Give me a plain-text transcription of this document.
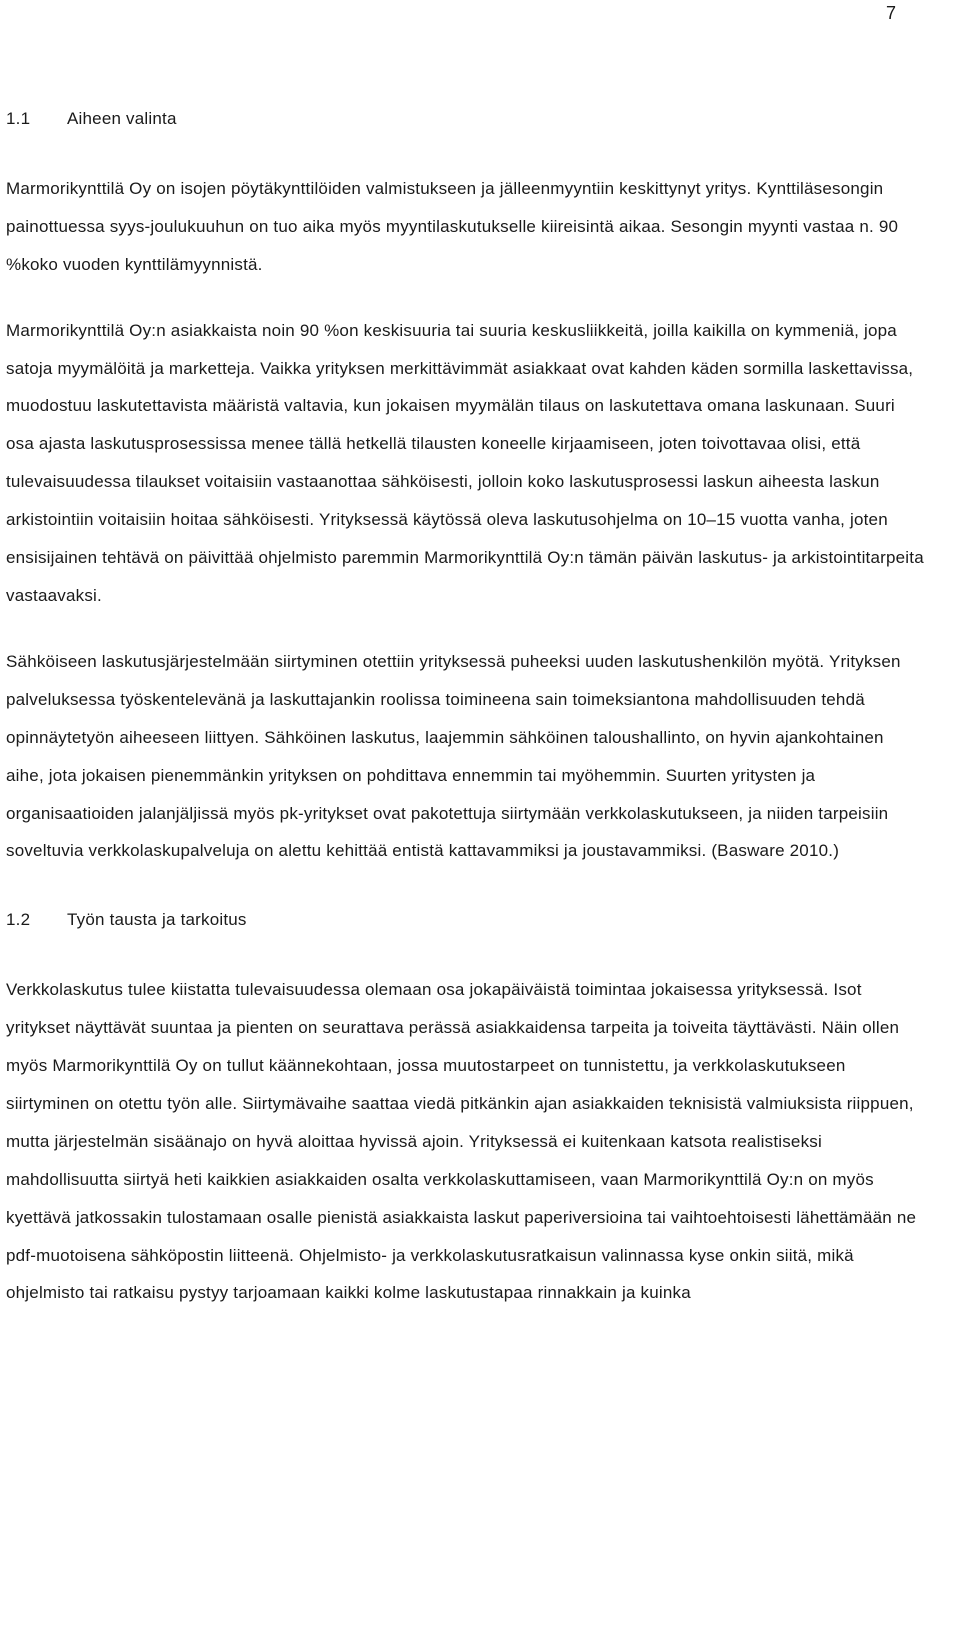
7
1.1	Aiheen valinta

Marmorikynttilä Oy on isojen pöytäkynttilöiden valmistukseen ja jälleenmyyntiin keskittynyt yritys. Kynttiläsesongin painottuessa syys-joulukuuhun on tuo aika myös myyntilaskutukselle kiireisintä aikaa. Sesongin myynti vastaa n. 90 %koko vuoden kynttilämyynnistä.

Marmorikynttilä Oy:n asiakkaista noin 90 %on keskisuuria tai suuria keskusliikkeitä, joilla kaikilla on kymmeniä, jopa satoja myymälöitä ja marketteja. Vaikka yrityksen merkittävimmät asiakkaat ovat kahden käden sormilla laskettavissa, muodostuu laskutettavista määristä valtavia, kun jokaisen myymälän tilaus on laskutettava omana laskunaan. Suuri osa ajasta laskutusprosessissa menee tällä hetkellä tilausten koneelle kirjaamiseen, joten toivottavaa olisi, että tulevaisuudessa tilaukset voitaisiin vastaanottaa sähköisesti, jolloin koko laskutusprosessi laskun aiheesta laskun arkistointiin voitaisiin hoitaa sähköisesti. Yrityksessä käytössä oleva laskutusohjelma on 10–15 vuotta vanha, joten ensisijainen tehtävä on päivittää ohjelmisto paremmin Marmorikynttilä Oy:n tämän päivän laskutus- ja arkistointitarpeita vastaavaksi.

Sähköiseen laskutusjärjestelmään siirtyminen otettiin yrityksessä puheeksi uuden laskutushenkilön myötä. Yrityksen palveluksessa työskentelevänä ja laskuttajankin roolissa toimineena sain toimeksiantona mahdollisuuden tehdä opinnäytetyön aiheeseen liittyen. Sähköinen laskutus, laajemmin sähköinen taloushallinto, on hyvin ajankohtainen aihe, jota jokaisen pienemmänkin yrityksen on pohdittava ennemmin tai myöhemmin. Suurten yritysten ja organisaatioiden jalanjäljissä myös pk-yritykset ovat pakotettuja siirtymään verkkolaskutukseen, ja niiden tarpeisiin soveltuvia verkkolaskupalveluja on alettu kehittää entistä kattavammiksi ja joustavammiksi. (Basware 2010.)

1.2	Työn tausta ja tarkoitus

Verkkolaskutus tulee kiistatta tulevaisuudessa olemaan osa jokapäiväistä toimintaa jokaisessa yrityksessä. Isot yritykset näyttävät suuntaa ja pienten on seurattava perässä asiakkaidensa tarpeita ja toiveita täyttävästi. Näin ollen myös Marmorikynttilä Oy on tullut käännekohtaan, jossa muutostarpeet on tunnistettu, ja verkkolaskutukseen siirtyminen on otettu työn alle. Siirtymävaihe saattaa viedä pitkänkin ajan asiakkaiden teknisistä valmiuksista riippuen, mutta järjestelmän sisäänajo on hyvä aloittaa hyvissä ajoin. Yrityksessä ei kuitenkaan katsota realistiseksi mahdollisuutta siirtyä heti kaikkien asiakkaiden osalta verkkolaskuttamiseen, vaan Marmorikynttilä Oy:n on myös kyettävä jatkossakin tulostamaan osalle pienistä asiakkaista laskut paperiversioina tai vaihtoehtoisesti lähettämään ne pdf-muotoisena sähköpostin liitteenä. Ohjelmisto- ja verkkolaskutusratkaisun valinnassa kyse onkin siitä, mikä ohjelmisto tai ratkaisu pystyy tarjoamaan kaikki kolme laskutustapaa rinnakkain ja kuinka
